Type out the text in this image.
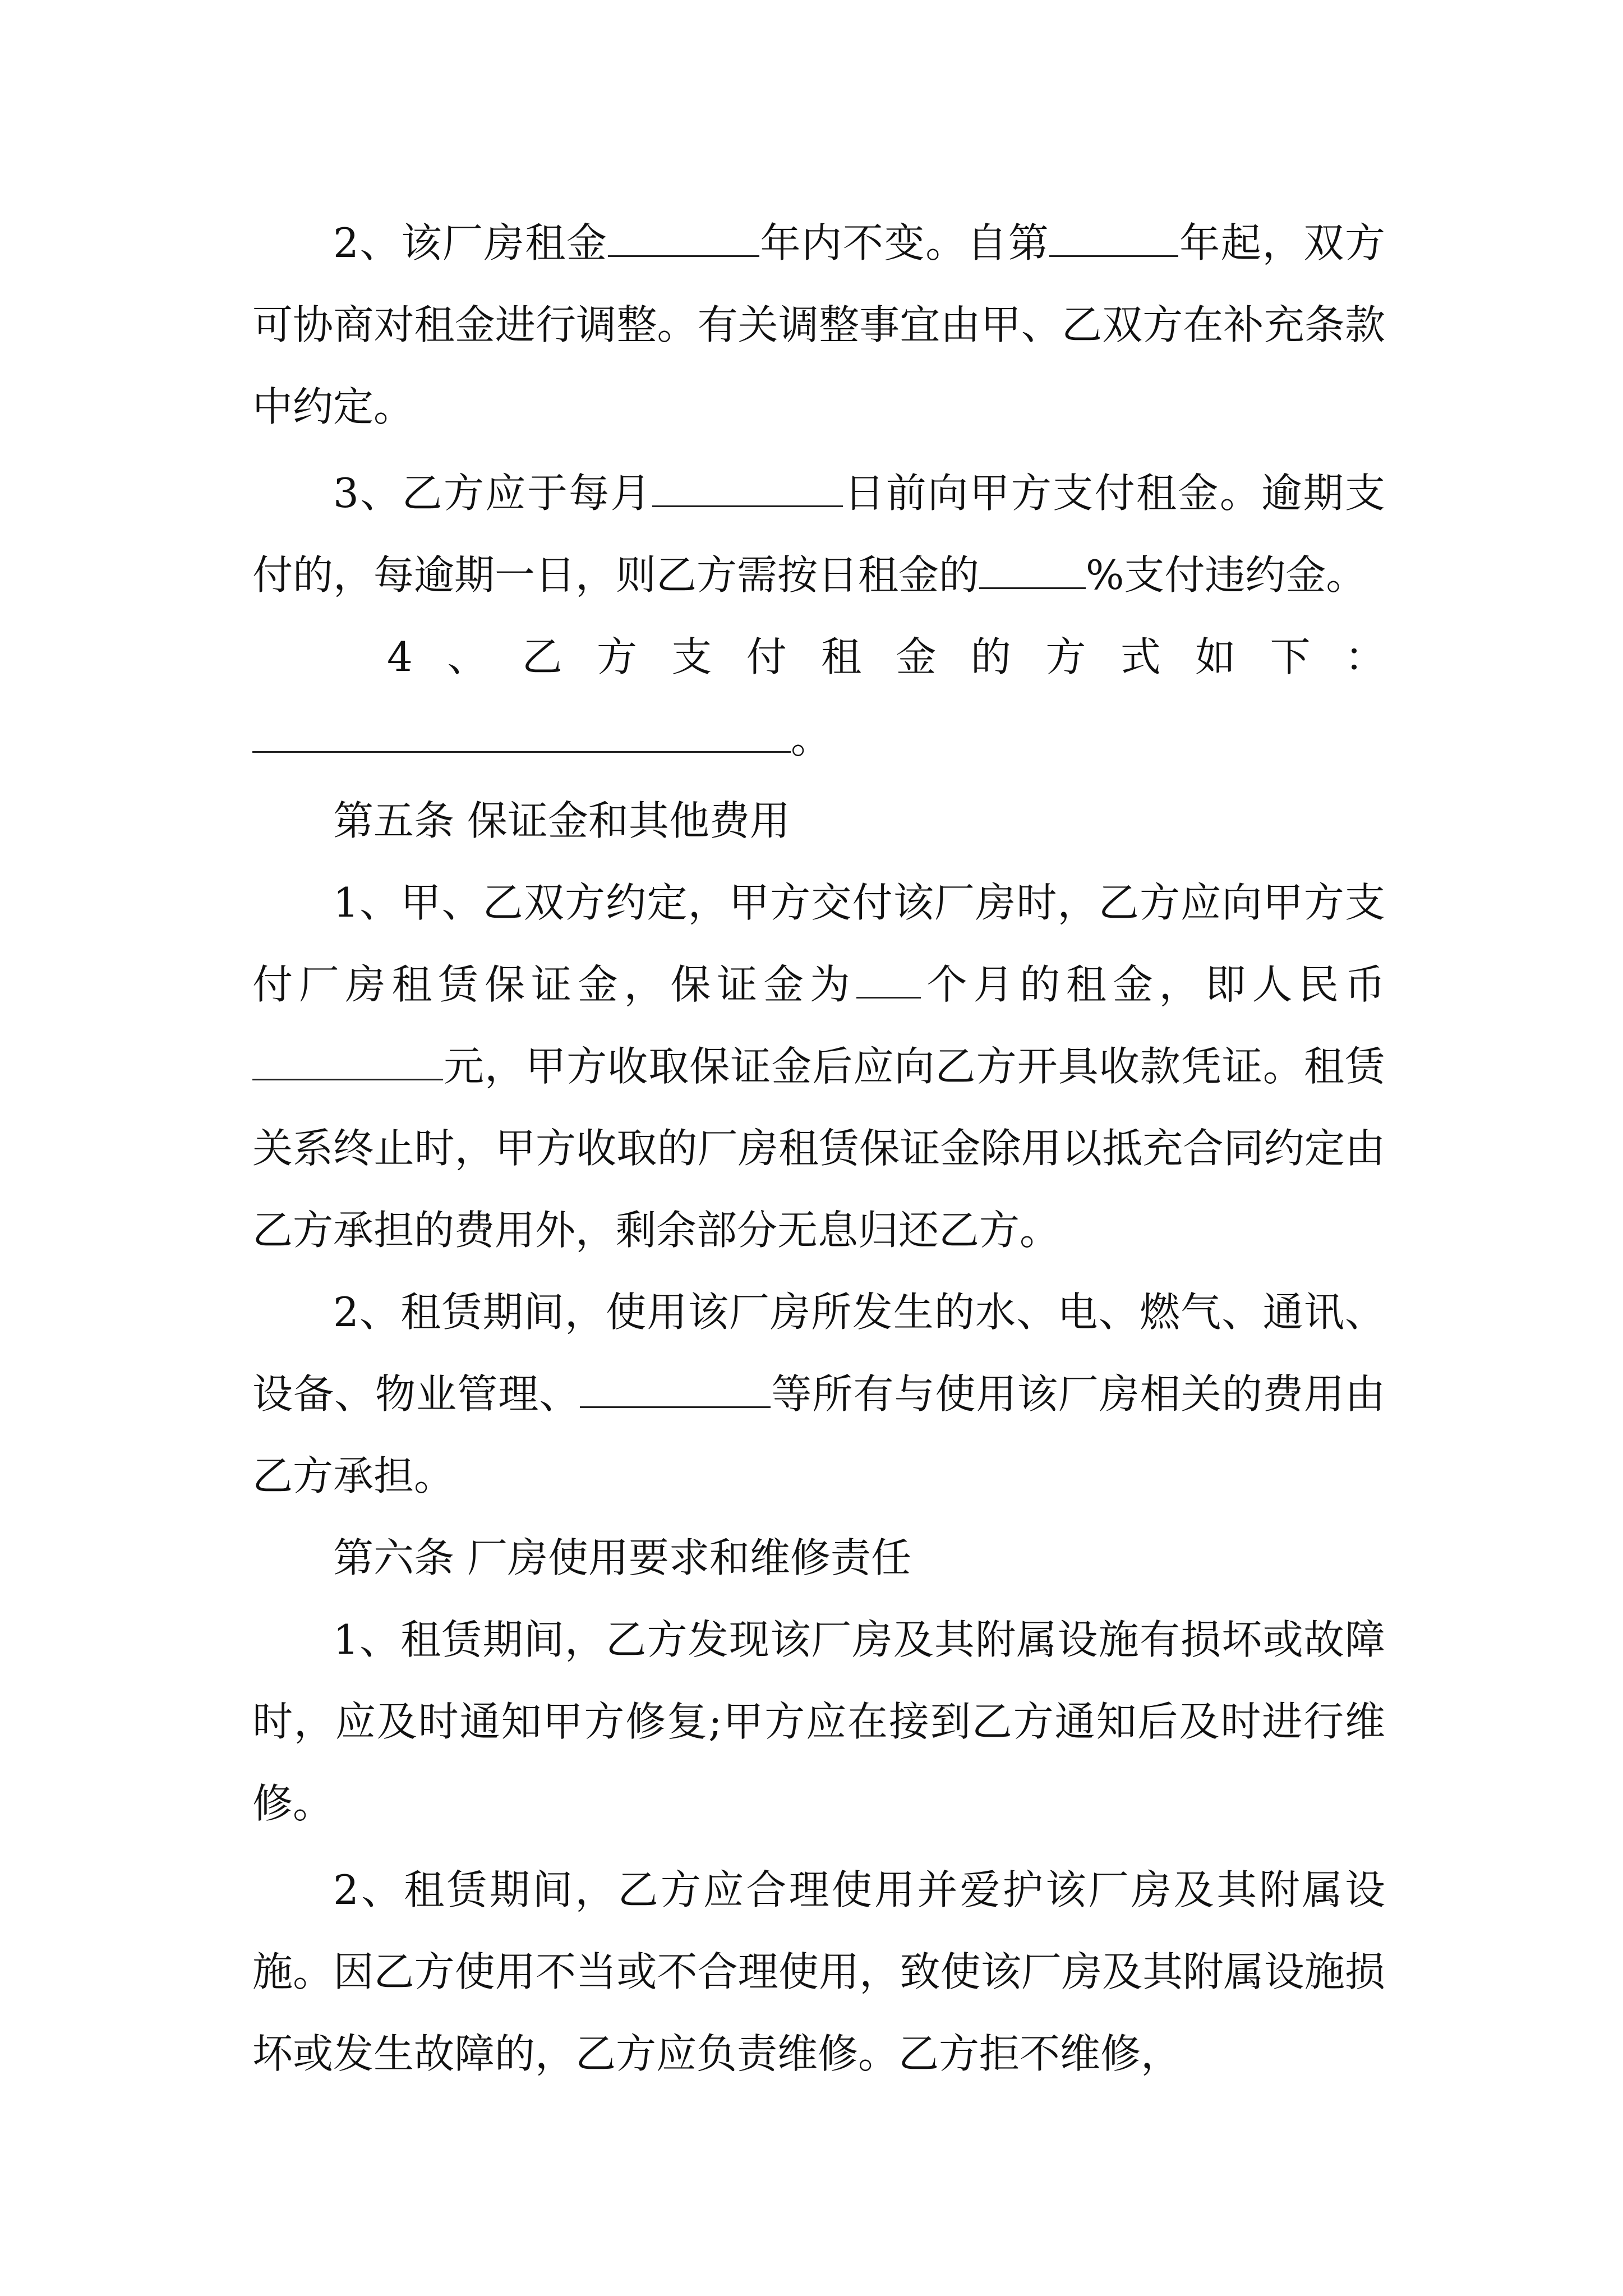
2、该厂房租金	年内不变。自第	年起，双方可协商对租金进行调整。有关调整事宜由甲、乙双方在补充条款中约定。

3、乙方应于每月	日前向甲方支付租金。逾期支付的，每逾期一日，则乙方需按日租金的	%支付违约金。

4 、 乙 方 支 付 租 金 的 方 式 如 下 ：

。

第五条 保证金和其他费用

1、甲、乙双方约定，甲方交付该厂房时，乙方应向甲方支付厂房租赁保证金，保证金为 个月的租金，即人民币元，甲方收取保证金后应向乙方开具收款凭证。租赁关系终止时，甲方收取的厂房租赁保证金除用以抵充合同约定由乙方承担的费用外，剩余部分无息归还乙方。

2、租赁期间，使用该厂房所发生的水、电、燃气、通讯、设备、物业管理、	等所有与使用该厂房相关的费用由乙方承担。

第六条 厂房使用要求和维修责任

1、租赁期间，乙方发现该厂房及其附属设施有损坏或故障时，应及时通知甲方修复;甲方应在接到乙方通知后及时进行维修。

2、租赁期间，乙方应合理使用并爱护该厂房及其附属设施。因乙方使用不当或不合理使用，致使该厂房及其附属设施损坏或发生故障的，乙方应负责维修。乙方拒不维修，
